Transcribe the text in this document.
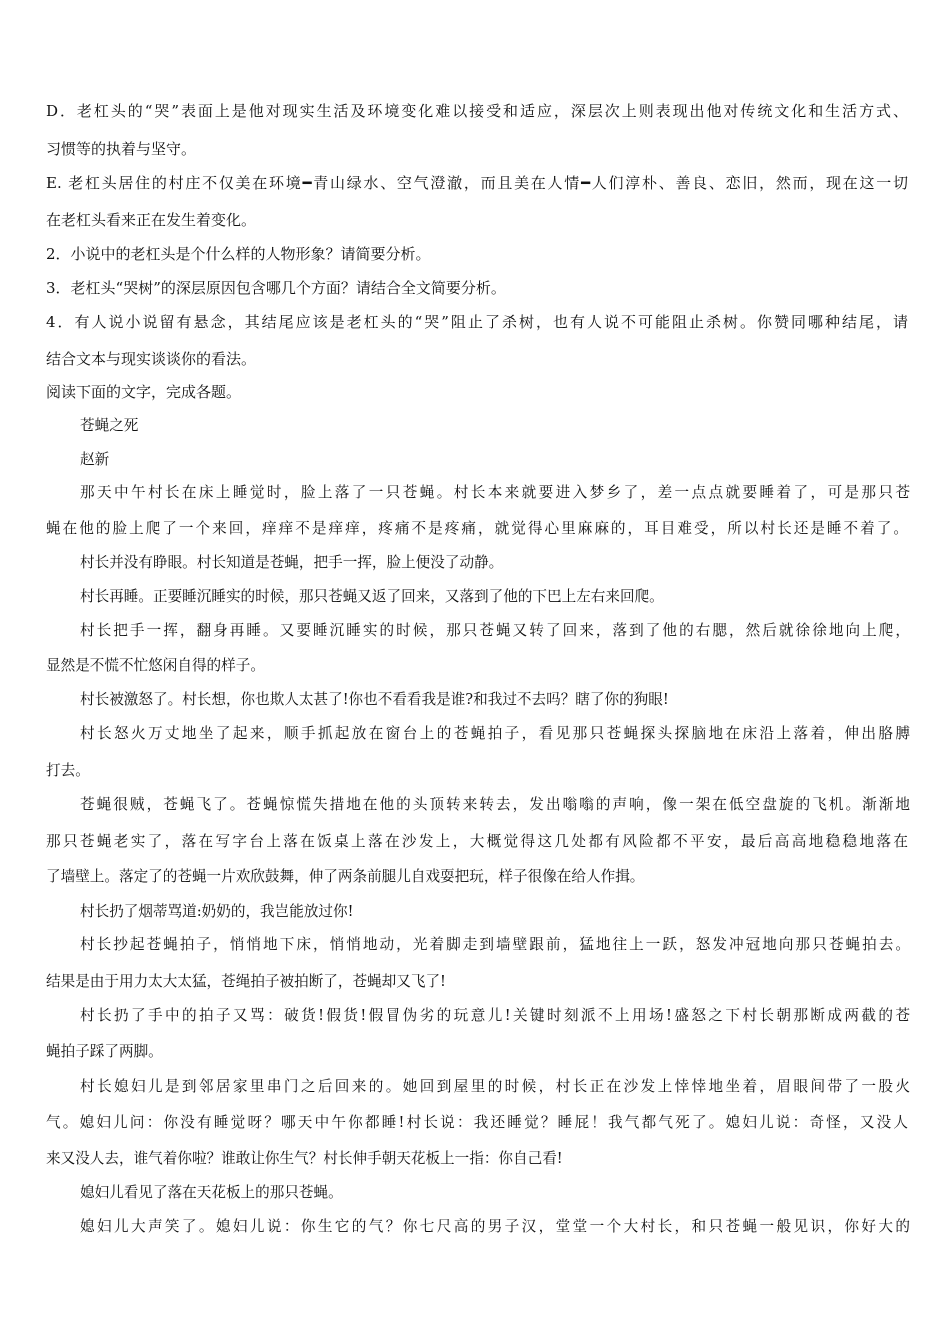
D．老杠头的“哭”表面上是他对现实生活及环境变化难以接受和适应，深层次上则表现出他对传统文化和生活方式、
习惯等的执着与坚守。
E. 老杠头居住的村庄不仅美在环境━青山绿水、空气澄澈，而且美在人情━人们淳朴、善良、恋旧，然而，现在这一切
在老杠头看来正在发生着变化。
2．小说中的老杠头是个什么样的人物形象？请简要分析。
3．老杠头“哭树”的深层原因包含哪几个方面？请结合全文简要分析。
4．有人说小说留有悬念，其结尾应该是老杠头的“哭”阻止了杀树，也有人说不可能阻止杀树。你赞同哪种结尾，请
结合文本与现实谈谈你的看法。
阅读下面的文字，完成各题。
苍蝇之死
赵新
那天中午村长在床上睡觉时，脸上落了一只苍蝇。村长本来就要进入梦乡了，差一点点就要睡着了，可是那只苍
蝇在他的脸上爬了一个来回，痒痒不是痒痒，疼痛不是疼痛，就觉得心里麻麻的，耳目难受，所以村长还是睡不着了。
村长并没有睁眼。村长知道是苍蝇，把手一挥，脸上便没了动静。
村长再睡。正要睡沉睡实的时候，那只苍蝇又返了回来，又落到了他的下巴上左右来回爬。
村长把手一挥，翻身再睡。又要睡沉睡实的时候，那只苍蝇又转了回来，落到了他的右腮，然后就徐徐地向上爬，
显然是不慌不忙悠闲自得的样子。
村长被激怒了。村长想，你也欺人太甚了!你也不看看我是谁?和我过不去吗？瞎了你的狗眼!
村长怒火万丈地坐了起来，顺手抓起放在窗台上的苍蝇拍子，看见那只苍蝇探头探脑地在床沿上落着，伸出胳膊
打去。
苍蝇很贼，苍蝇飞了。苍蝇惊慌失措地在他的头顶转来转去，发出嗡嗡的声响，像一架在低空盘旋的飞机。渐渐地
那只苍蝇老实了，落在写字台上落在饭桌上落在沙发上，大概觉得这几处都有风险都不平安，最后高高地稳稳地落在
了墙壁上。落定了的苍蝇一片欢欣鼓舞，伸了两条前腿儿自戏耍把玩，样子很像在给人作揖。
村长扔了烟蒂骂道:奶奶的，我岂能放过你!
村长抄起苍蝇拍子，悄悄地下床，悄悄地动，光着脚走到墙壁跟前，猛地往上一跃，怒发冲冠地向那只苍蝇拍去。
结果是由于用力太大太猛，苍绳拍子被拍断了，苍蝇却又飞了!
村长扔了手中的拍子又骂：破货!假货!假冒伪劣的玩意儿!关键时刻派不上用场!盛怒之下村长朝那断成两截的苍
蝇拍子踩了两脚。
村长媳妇儿是到邻居家里串门之后回来的。她回到屋里的时候，村长正在沙发上悻悻地坐着，眉眼间带了一股火
气。媳妇儿问：你没有睡觉呀？哪天中午你都睡!村长说：我还睡觉？睡屁！我气都气死了。媳妇儿说：奇怪，又没人
来又没人去，谁气着你啦？谁敢让你生气？村长伸手朝天花板上一指：你自己看!
媳妇儿看见了落在天花板上的那只苍蝇。
媳妇儿大声笑了。媳妇儿说：你生它的气？你七尺高的男子汉，堂堂一个大村长，和只苍蝇一般见识，你好大的
